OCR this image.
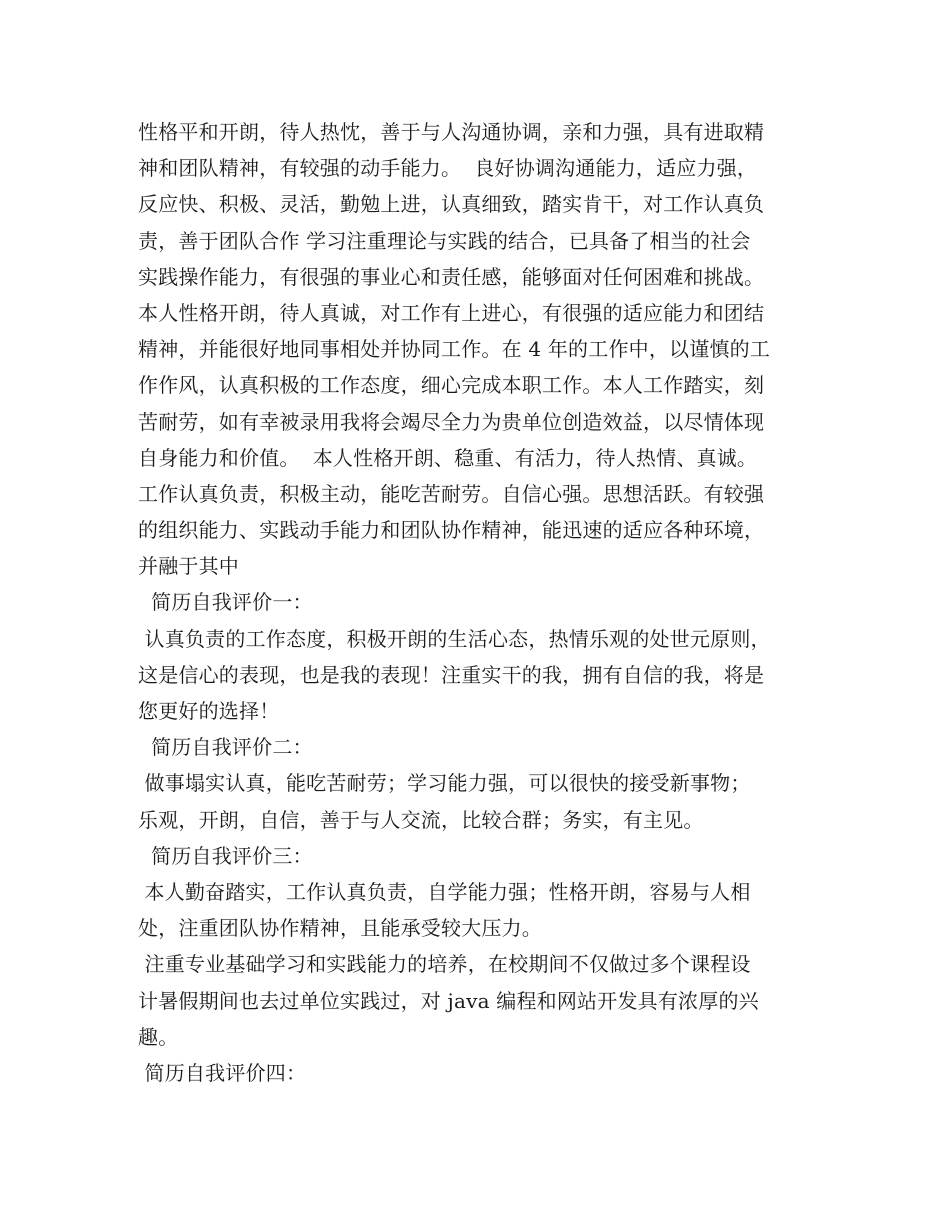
性格平和开朗，待人热忱，善于与人沟通协调，亲和力强，具有进取精
神和团队精神，有较强的动手能力。  良好协调沟通能力，适应力强，
反应快、积极、灵活，勤勉上进，认真细致，踏实肯干，对工作认真负
责，善于团队合作 学习注重理论与实践的结合，已具备了相当的社会
实践操作能力，有很强的事业心和责任感，能够面对任何困难和挑战。
本人性格开朗，待人真诚，对工作有上进心，有很强的适应能力和团结
精神，并能很好地同事相处并协同工作。在 4 年的工作中，以谨慎的工
作作风，认真积极的工作态度，细心完成本职工作。本人工作踏实，刻
苦耐劳，如有幸被录用我将会竭尽全力为贵单位创造效益，以尽情体现
自身能力和价值。  本人性格开朗、稳重、有活力，待人热情、真诚。
工作认真负责，积极主动，能吃苦耐劳。自信心强。思想活跃。有较强
的组织能力、实践动手能力和团队协作精神，能迅速的适应各种环境，
并融于其中
简历自我评价一：
认真负责的工作态度，积极开朗的生活心态，热情乐观的处世元原则，
这是信心的表现，也是我的表现！注重实干的我，拥有自信的我，将是
您更好的选择！
简历自我评价二：
做事塌实认真，能吃苦耐劳；学习能力强，可以很快的接受新事物；
乐观，开朗，自信，善于与人交流，比较合群；务实，有主见。
简历自我评价三：
本人勤奋踏实，工作认真负责，自学能力强；性格开朗，容易与人相
处，注重团队协作精神，且能承受较大压力。
注重专业基础学习和实践能力的培养，在校期间不仅做过多个课程设
计暑假期间也去过单位实践过，对 java 编程和网站开发具有浓厚的兴
趣。
简历自我评价四：
